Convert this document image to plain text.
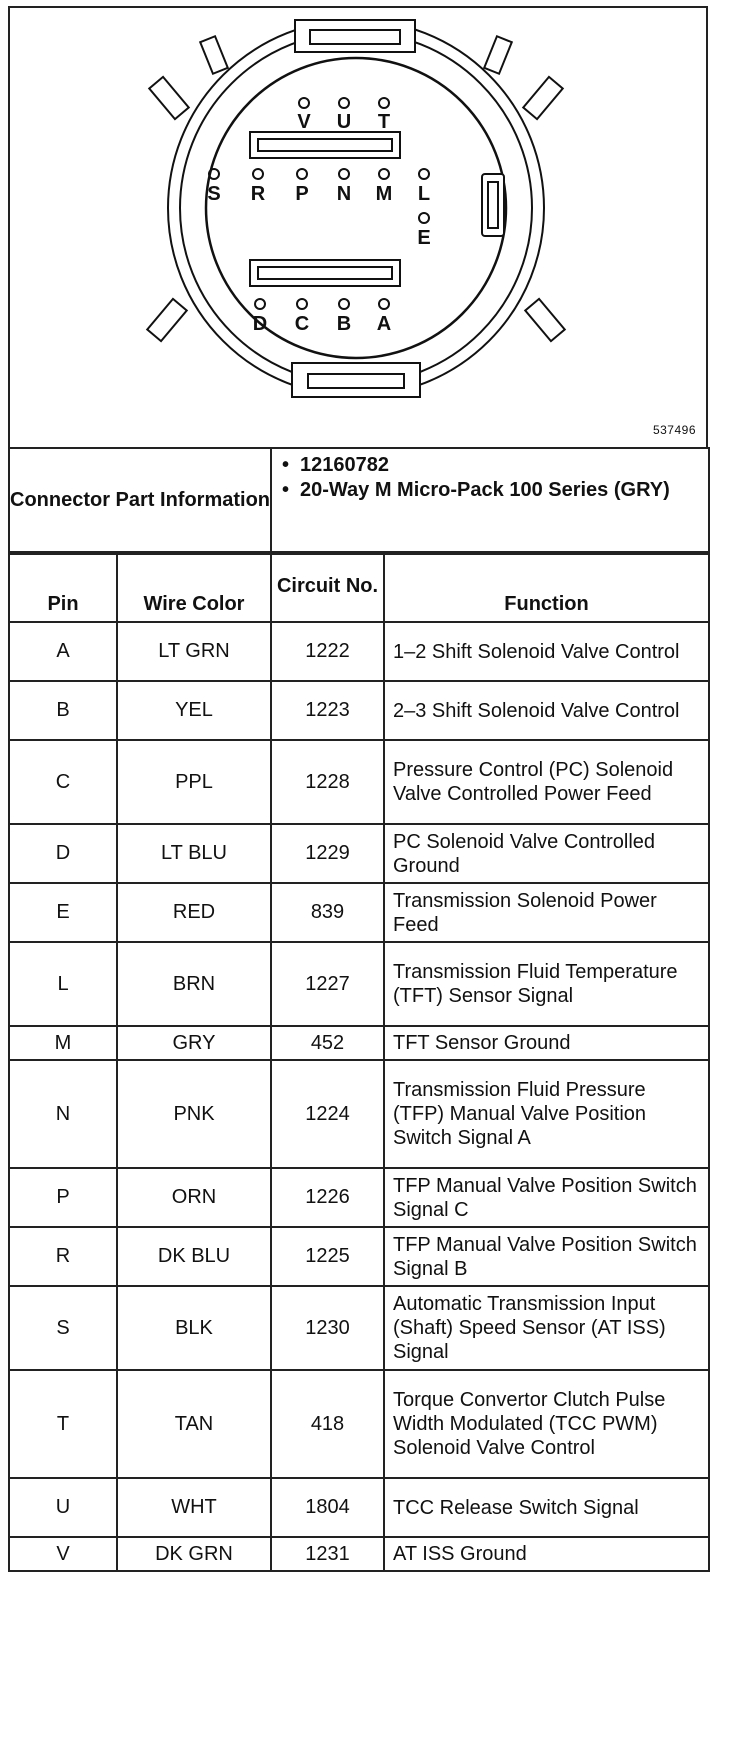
V U T
S R P N M L
E
D C B A
537496
Connector Part Information	
• 12160782
• 20-Way M Micro-Pack 100 Series (GRY)
Pin	Wire Color	Circuit No.	Function
A	LT GRN	1222	1–2 Shift Solenoid Valve Control
B	YEL	1223	2–3 Shift Solenoid Valve Control
C	PPL	1228	Pressure Control (PC) Solenoid Valve Controlled Power Feed
D	LT BLU	1229	PC Solenoid Valve Controlled Ground
E	RED	839	Transmission Solenoid Power Feed
L	BRN	1227	Transmission Fluid Temperature (TFT) Sensor Signal
M	GRY	452	TFT Sensor Ground
N	PNK	1224	Transmission Fluid Pressure (TFP) Manual Valve Position Switch Signal A
P	ORN	1226	TFP Manual Valve Position Switch Signal C
R	DK BLU	1225	TFP Manual Valve Position Switch Signal B
S	BLK	1230	Automatic Transmission Input (Shaft) Speed Sensor (AT ISS) Signal
T	TAN	418	Torque Convertor Clutch Pulse Width Modulated (TCC PWM) Solenoid Valve Control
U	WHT	1804	TCC Release Switch Signal
V	DK GRN	1231	AT ISS Ground
